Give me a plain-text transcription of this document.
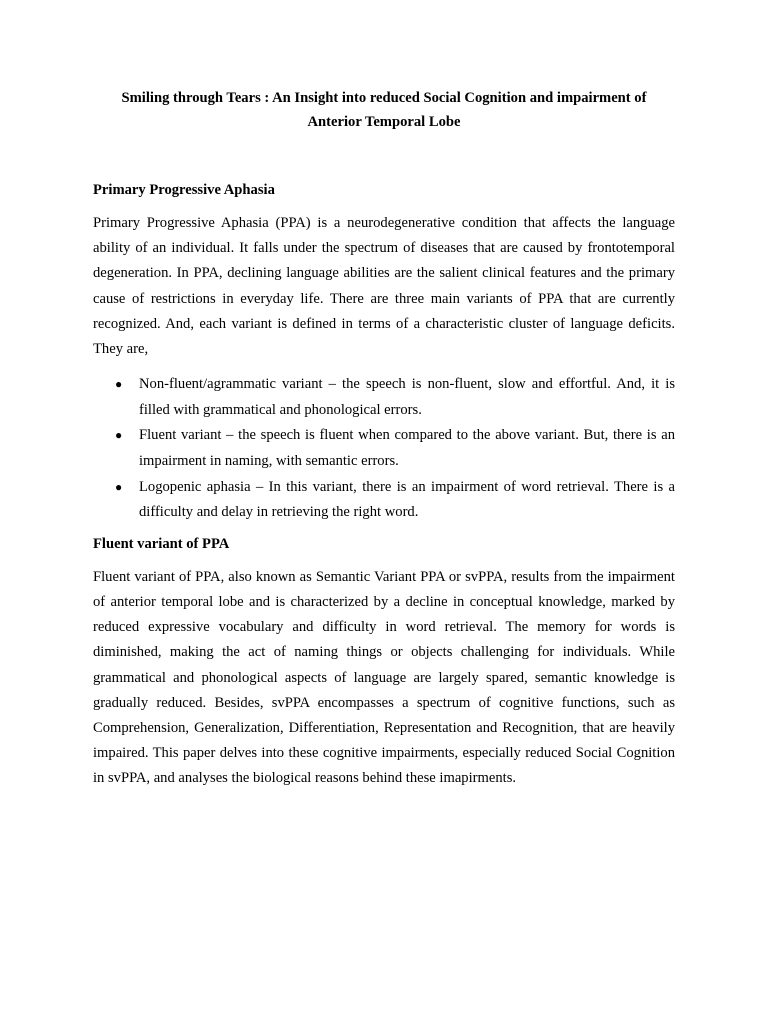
Smiling through Tears : An Insight into reduced Social Cognition and impairment of
Anterior Temporal Lobe
Primary Progressive Aphasia

Primary Progressive Aphasia (PPA) is a neurodegenerative condition that affects the language ability of an individual. It falls under the spectrum of diseases that are caused by frontotemporal degeneration. In PPA, declining language abilities are the salient clinical features and the primary cause of restrictions in everyday life. There are three main variants of PPA that are currently recognized. And, each variant is defined in terms of a characteristic cluster of language deficits. They are,

● Non-fluent/agrammatic variant – the speech is non-fluent, slow and effortful. And, it is filled with grammatical and phonological errors.
● Fluent variant – the speech is fluent when compared to the above variant. But, there is an impairment in naming, with semantic errors.
● Logopenic aphasia – In this variant, there is an impairment of word retrieval. There is a difficulty and delay in retrieving the right word.
Fluent variant of PPA

Fluent variant of PPA, also known as Semantic Variant PPA or svPPA, results from the impairment of anterior temporal lobe and is characterized by a decline in conceptual knowledge, marked by reduced expressive vocabulary and difficulty in word retrieval. The memory for words is diminished, making the act of naming things or objects challenging for individuals. While grammatical and phonological aspects of language are largely spared, semantic knowledge is gradually reduced. Besides, svPPA encompasses a spectrum of cognitive functions, such as Comprehension, Generalization, Differentiation, Representation and Recognition, that are heavily impaired. This paper delves into these cognitive impairments, especially reduced Social Cognition in svPPA, and analyses the biological reasons behind these imapirments.
